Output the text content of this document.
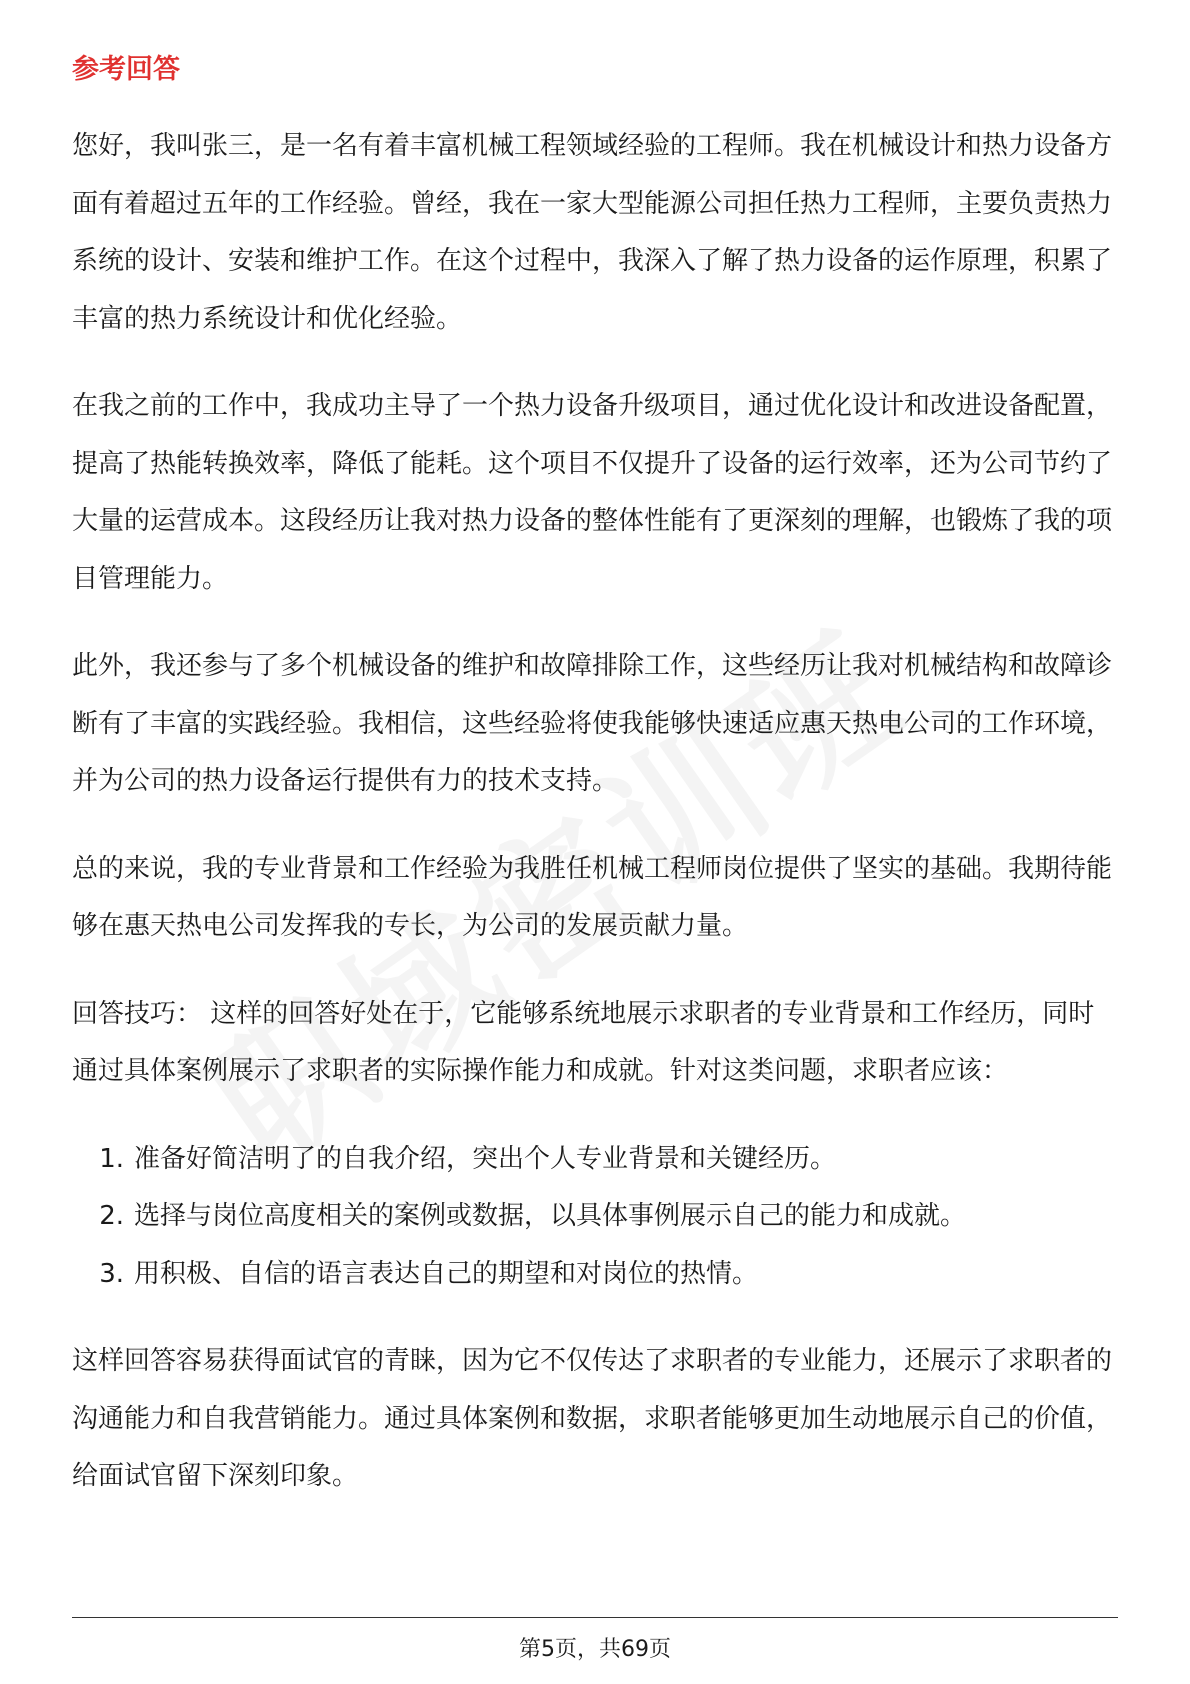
参考回答

您好，我叫张三，是一名有着丰富机械工程领域经验的工程师。我在机械设计和热力设备方面有着超过五年的工作经验。曾经，我在一家大型能源公司担任热力工程师，主要负责热力系统的设计、安装和维护工作。在这个过程中，我深入了解了热力设备的运作原理，积累了丰富的热力系统设计和优化经验。

在我之前的工作中，我成功主导了一个热力设备升级项目，通过优化设计和改进设备配置，提高了热能转换效率，降低了能耗。这个项目不仅提升了设备的运行效率，还为公司节约了大量的运营成本。这段经历让我对热力设备的整体性能有了更深刻的理解，也锻炼了我的项目管理能力。

此外，我还参与了多个机械设备的维护和故障排除工作，这些经历让我对机械结构和故障诊断有了丰富的实践经验。我相信，这些经验将使我能够快速适应惠天热电公司的工作环境，并为公司的热力设备运行提供有力的技术支持。

总的来说，我的专业背景和工作经验为我胜任机械工程师岗位提供了坚实的基础。我期待能够在惠天热电公司发挥我的专长，为公司的发展贡献力量。

回答技巧： 这样的回答好处在于，它能够系统地展示求职者的专业背景和工作经历，同时通过具体案例展示了求职者的实际操作能力和成就。针对这类问题，求职者应该：

1. 准备好简洁明了的自我介绍，突出个人专业背景和关键经历。
2. 选择与岗位高度相关的案例或数据，以具体事例展示自己的能力和成就。
3. 用积极、自信的语言表达自己的期望和对岗位的热情。

这样回答容易获得面试官的青睐，因为它不仅传达了求职者的专业能力，还展示了求职者的沟通能力和自我营销能力。通过具体案例和数据，求职者能够更加生动地展示自己的价值，给面试官留下深刻印象。

第5页，共69页
